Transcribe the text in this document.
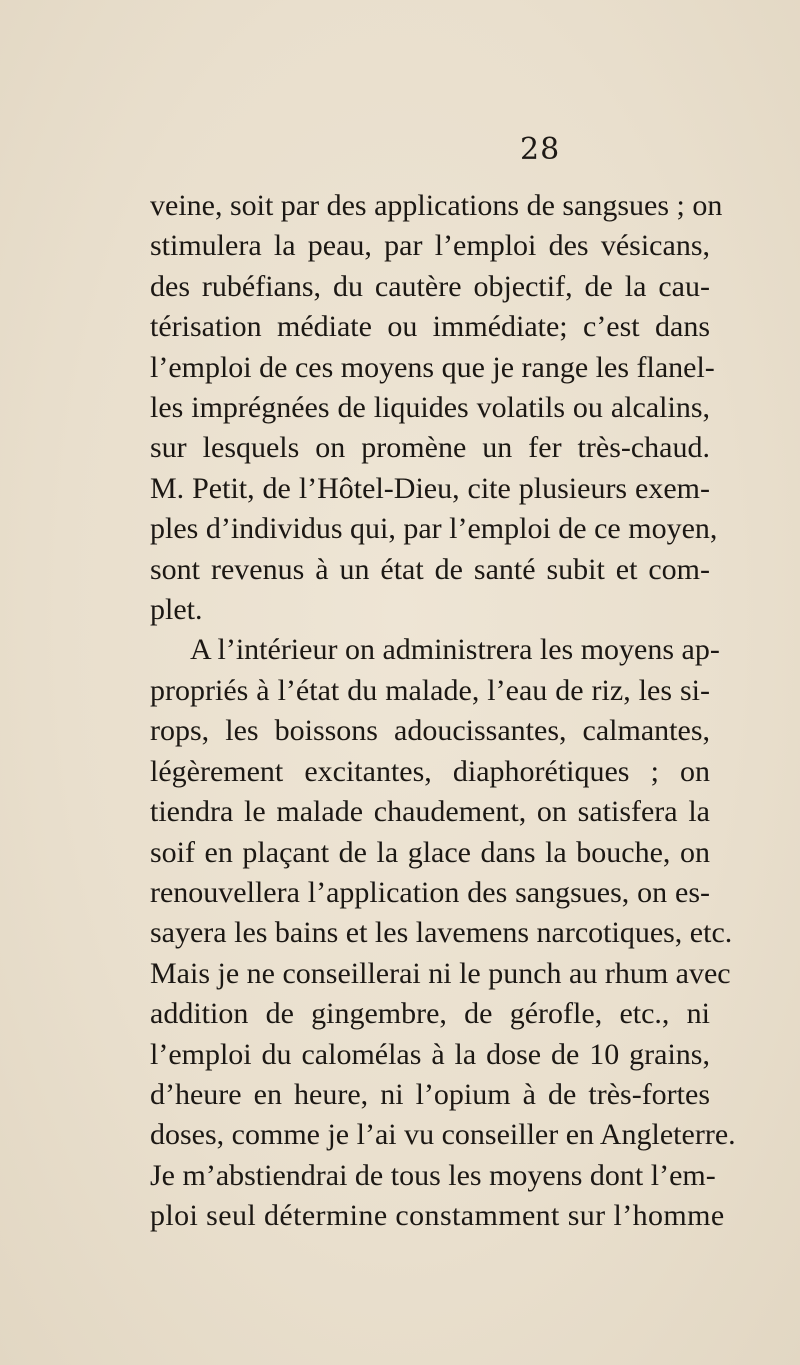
28
veine, soit par des applications de sangsues ; on
stimulera la peau, par l’emploi des vésicans,
des rubéfians, du cautère objectif, de la cau-
térisation médiate ou immédiate; c’est dans
l’emploi de ces moyens que je range les flanel-
les imprégnées de liquides volatils ou alcalins,
sur lesquels on promène un fer très-chaud.
M. Petit, de l’Hôtel-Dieu, cite plusieurs exem-
ples d’individus qui, par l’emploi de ce moyen,
sont revenus à un état de santé subit et com-
plet.
A l’intérieur on administrera les moyens ap-
propriés à l’état du malade, l’eau de riz, les si-
rops, les boissons adoucissantes, calmantes,
légèrement excitantes, diaphorétiques ; on
tiendra le malade chaudement, on satisfera la
soif en plaçant de la glace dans la bouche, on
renouvellera l’application des sangsues, on es-
sayera les bains et les lavemens narcotiques, etc.
Mais je ne conseillerai ni le punch au rhum avec
addition de gingembre, de gérofle, etc., ni
l’emploi du calomélas à la dose de 10 grains,
d’heure en heure, ni l’opium à de très-fortes
doses, comme je l’ai vu conseiller en Angleterre.
Je m’abstiendrai de tous les moyens dont l’em-
ploi seul détermine constamment sur l’homme
